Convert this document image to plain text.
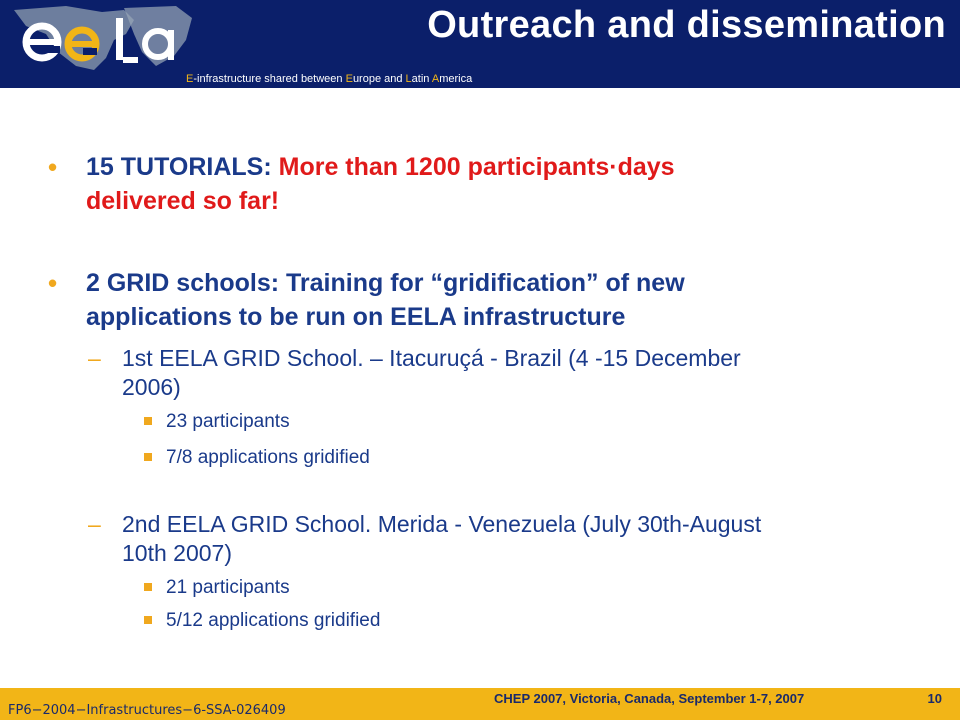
E-infrastructure shared between Europe and Latin America
Outreach and dissemination
•	15 TUTORIALS: More than 1200 participants·days
delivered so far!
•	2 GRID schools: Training for “gridification” of new
applications to be run on EELA infrastructure
– 1st EELA GRID School. – Itacuruçá - Brazil (4 -15 December
2006)
23 participants
7/8 applications gridified
– 2nd EELA GRID School. Merida - Venezuela (July 30th-August
10th 2007)
21 participants
5/12 applications gridified
FP6−2004−Infrastructures−6-SSA-026409
CHEP 2007, Victoria, Canada, September 1-7, 2007	10
